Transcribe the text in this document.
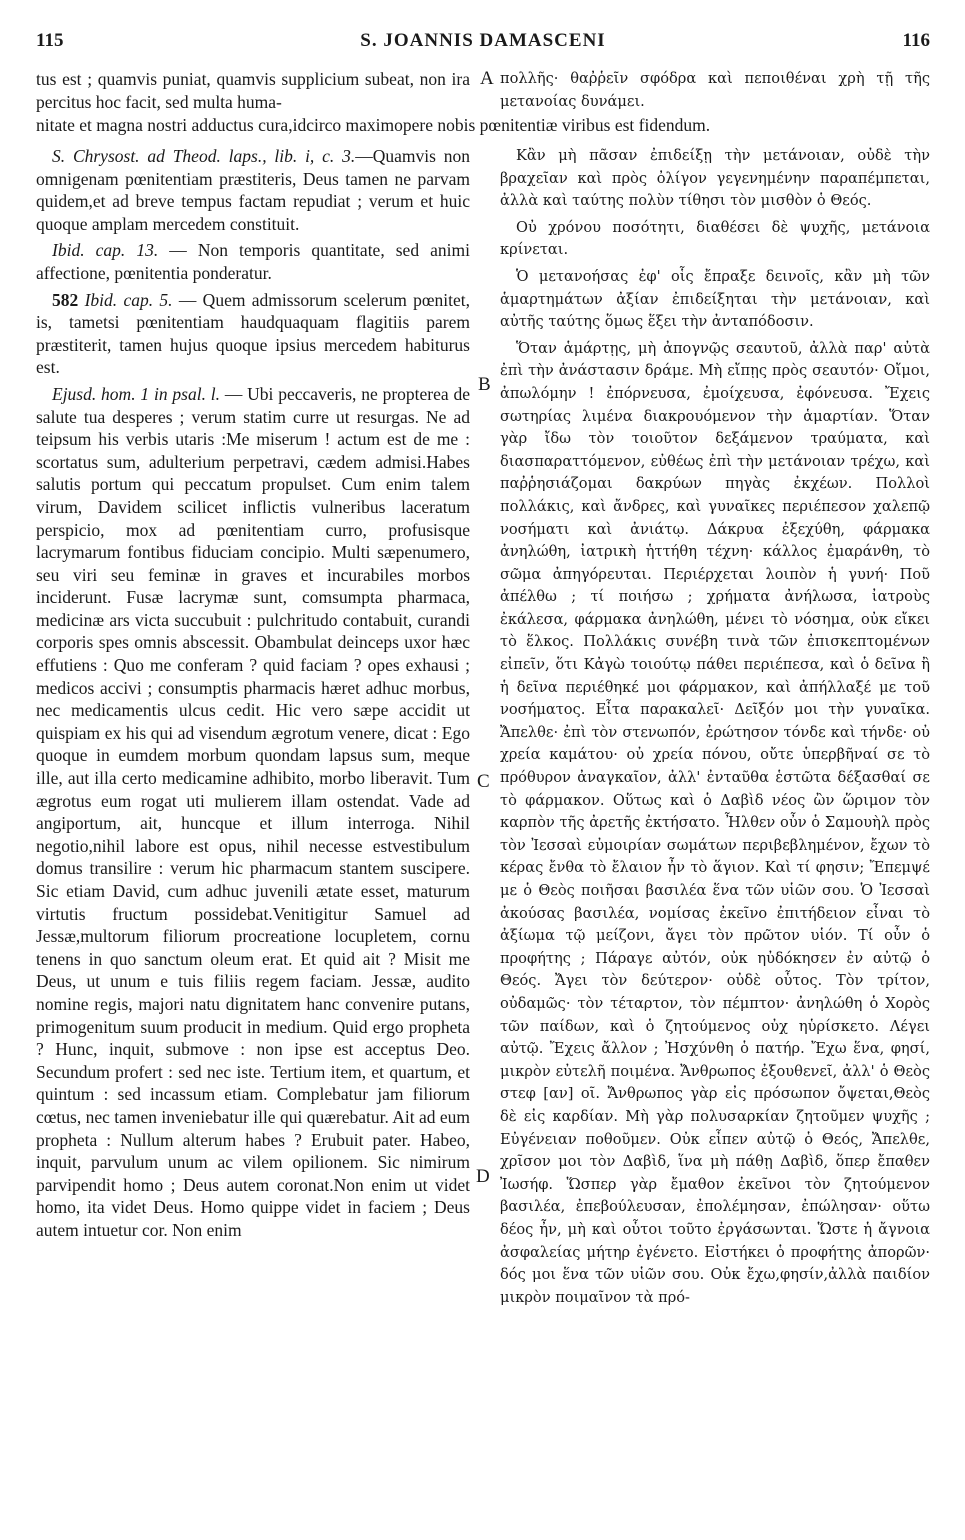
115	S. JOANNIS DAMASCENI	116

tus est ; quamvis puniat, quamvis supplicium subeat, non ira percitus hoc facit, sed multa huma-

A πολλῆς· θαῤῥεῖν σφόδρα καὶ πεποιθέναι χρὴ τῇ τῆς μετανοίας δυνάμει.

nitate et magna nostri adductus cura,idcirco maximopere nobis pœnitentiæ viribus est fidendum.

S. Chrysost. ad Theod. laps., lib. i, c. 3.—Quamvis non omnigenam pœnitentiam præstiteris, Deus tamen ne parvam quidem,et ad breve tempus factam repudiat ; verum et huic quoque amplam mercedem constituit.

Ibid. cap. 13. — Non temporis quantitate, sed animi affectione, pœnitentia ponderatur.

582 Ibid. cap. 5. — Quem admissorum scelerum pœnitet, is, tametsi pœnitentiam haudquaquam flagitiis parem præstiterit, tamen hujus quoque ipsius mercedem habiturus est.

Ejusd. hom. 1 in psal. l. — Ubi peccaveris, ne propterea de salute tua desperes ; verum statim curre ut resurgas. Ne ad teipsum his verbis utaris :Me miserum ! actum est de me : scortatus sum, adulterium perpetravi, cædem admisi.Habes salutis portum qui peccatum propulset. Cum enim talem virum, Davidem scilicet inflictis vulneribus laceratum perspicio, mox ad pœnitentiam curro, profusisque lacrymarum fontibus fiduciam concipio. Multi sæpenumero, seu viri seu feminæ in graves et incurabiles morbos inciderunt. Fusæ lacrymæ sunt, comsumpta pharmaca, medicinæ ars victa succubuit : pulchritudo contabuit, curandi corporis spes omnis abscessit. Obambulat deinceps uxor hæc effutiens : Quo me conferam ? quid faciam ? opes exhausi ; medicos accivi ; consumptis pharmacis hæret adhuc morbus, nec medicamentis ulcus cedit. Hic vero sæpe accidit ut quispiam ex his qui ad visendum ægrotum venere, dicat : Ego quoque in eumdem morbum quondam lapsus sum, meque ille, aut illa certo medicamine adhibito, morbo liberavit. Tum ægrotus eum rogat uti mulierem illam ostendat. Vade ad angiportum, ait, huncque et illum interroga. Nihil negotio,nihil labore est opus, nihil necesse estvestibulum domus transilire : verum hic pharmacum stantem suscipere. Sic etiam David, cum adhuc juvenili ætate esset, maturum virtutis fructum possidebat.Venitigitur Samuel ad Jessæ,multorum filiorum procreatione locupletem, cornu tenens in quo sanctum oleum erat. Et quid ait ? Misit me Deus, ut unum e tuis filiis regem faciam. Jessæ, audito nomine regis, majori natu dignitatem hanc convenire putans, primogenitum suum producit in medium. Quid ergo propheta ? Hunc, inquit, submove : non ipse est acceptus Deo. Secundum profert : sed nec iste. Tertium item, et quartum, et quintum : sed incassum etiam. Complebatur jam filiorum cœtus, nec tamen inveniebatur ille qui quærebatur. Ait ad eum propheta : Nullum alterum habes ? Erubuit pater. Habeo, inquit, parvulum unum ac vilem opilionem. Sic nimirum parvipendit homo ; Deus autem coronat.Non enim ut videt homo, ita videt Deus. Homo quippe videt in faciem ; Deus autem intuetur cor. Non enim

B
C
D

Κἂν μὴ πᾶσαν ἐπιδείξῃ τὴν μετάνοιαν, οὐδὲ τὴν βραχεῖαν καὶ πρὸς ὀλίγον γεγενημένην παραπέμπεται, ἀλλὰ καὶ ταύτης πολὺν τίθησι τὸν μισθὸν ὁ Θεός.

Οὐ χρόνου ποσότητι, διαθέσει δὲ ψυχῆς, μετάνοια κρίνεται.

Ὁ μετανοήσας ἐφ' οἷς ἔπραξε δεινοῖς, κἂν μὴ τῶν ἁμαρτημάτων ἀξίαν ἐπιδείξηται τὴν μετάνοιαν, καὶ αὐτῆς ταύτης ὅμως ἕξει τὴν ἀνταπόδοσιν.

Ὅταν ἁμάρτῃς, μὴ ἀπογνῷς σεαυτοῦ, ἀλλὰ παρ' αὐτὰ ἐπὶ τὴν ἀνάστασιν δράμε. Μὴ εἴπῃς πρὸς σεαυτόν· Οἴμοι, ἀπωλόμην ! ἐπόρνευσα, ἐμοίχευσα, ἐφόνευσα. Ἔχεις σωτηρίας λιμένα διακρουόμενον τὴν ἁμαρτίαν. Ὅταν γὰρ ἴδω τὸν τοιοῦτον δεξάμενον τραύματα, καὶ διασπαραττόμενον, εὐθέως ἐπὶ τὴν μετάνοιαν τρέχω, καὶ παῤῥησιάζομαι δακρύων πηγὰς ἐκχέων. Πολλοὶ πολλάκις, καὶ ἄνδρες, καὶ γυναῖκες περιέπεσον χαλεπῷ νοσήματι καὶ ἀνιάτῳ. Δάκρυα ἐξεχύθη, φάρμακα ἀνηλώθη, ἰατρικὴ ἡττήθη τέχνη· κάλλος ἐμαράνθη, τὸ σῶμα ἀπηγόρευται. Περιέρχεται λοιπὸν ἡ γυνή· Ποῦ ἀπέλθω ; τί ποιήσω ; χρήματα ἀνήλωσα, ἰατροὺς ἐκάλεσα, φάρμακα ἀνηλώθη, μένει τὸ νόσημα, οὐκ εἴκει τὸ ἕλκος. Πολλάκις συνέβη τινὰ τῶν ἐπισκεπτομένων εἰπεῖν, ὅτι Κἀγὼ τοιούτῳ πάθει περιέπεσα, καὶ ὁ δεῖνα ἢ ἡ δεῖνα περιέθηκέ μοι φάρμακον, καὶ ἀπήλλαξέ με τοῦ νοσήματος. Εἶτα παρακαλεῖ· Δεῖξόν μοι τὴν γυναῖκα. Ἄπελθε· ἐπὶ τὸν στενωπόν, ἐρώτησον τόνδε καὶ τήνδε· οὐ χρεία καμάτου· οὐ χρεία πόνου, οὔτε ὑπερβῆναί σε τὸ πρόθυρον ἀναγκαῖον, ἀλλ' ἐνταῦθα ἑστῶτα δέξασθαί σε τὸ φάρμακον. Οὕτως καὶ ὁ Δαβὶδ νέος ὢν ὥριμον τὸν καρπὸν τῆς ἀρετῆς ἐκτήσατο. Ἦλθεν οὖν ὁ Σαμουὴλ πρὸς τὸν Ἰεσσαὶ εὐμοιρίαν σωμάτων περιβεβλημένον, ἔχων τὸ κέρας ἔνθα τὸ ἔλαιον ἦν τὸ ἅγιον. Καὶ τί φησιν; Ἔπεμψέ με ὁ Θεὸς ποιῆσαι βασιλέα ἕνα τῶν υἱῶν σου. Ὁ Ἰεσσαὶ ἀκούσας βασιλέα, νομίσας ἐκεῖνο ἐπιτήδειον εἶναι τὸ ἀξίωμα τῷ μείζονι, ἄγει τὸν πρῶτον υἱόν. Τί οὖν ὁ προφήτης ; Πάραγε αὐτόν, οὐκ ηὐδόκησεν ἐν αὐτῷ ὁ Θεός. Ἄγει τὸν δεύτερον· οὐδὲ οὗτος. Τὸν τρίτον, οὐδαμῶς· τὸν τέταρτον, τὸν πέμπτον· ἀνηλώθη ὁ Χορὸς τῶν παίδων, καὶ ὁ ζητούμενος οὐχ ηὑρίσκετο. Λέγει αὐτῷ. Ἔχεις ἄλλον ; Ἠσχύνθη ὁ πατήρ. Ἔχω ἕνα, φησί, μικρὸν εὐτελῆ ποιμένα. Ἄνθρωπος ἐξουθενεῖ, ἀλλ' ὁ Θεὸς στεφ [αν] οῖ. Ἄνθρωπος γὰρ εἰς πρόσωπον ὄψεται,Θεὸς δὲ εἰς καρδίαν. Μὴ γὰρ πολυσαρκίαν ζητοῦμεν ψυχῆς ; Εὐγένειαν ποθοῦμεν. Οὐκ εἶπεν αὐτῷ ὁ Θεός, Ἄπελθε, χρῖσον μοι τὸν Δαβὶδ, ἵνα μὴ πάθῃ Δαβὶδ, ὅπερ ἔπαθεν Ἰωσήφ. Ὥσπερ γὰρ ἔμαθον ἐκεῖνοι τὸν ζητούμενον βασιλέα, ἐπεβούλευσαν, ἐπολέμησαν, ἐπώλησαν· οὕτω δέος ἦν, μὴ καὶ οὗτοι τοῦτο ἐργάσωνται. Ὥστε ἡ ἄγνοια ἀσφαλείας μήτηρ ἐγένετο. Εἰστήκει ὁ προφήτης ἀπορῶν· δός μοι ἕνα τῶν υἱῶν σου. Οὐκ ἔχω,φησίν,ἀλλὰ παιδίον μικρὸν ποιμαῖνον τὰ πρό-
